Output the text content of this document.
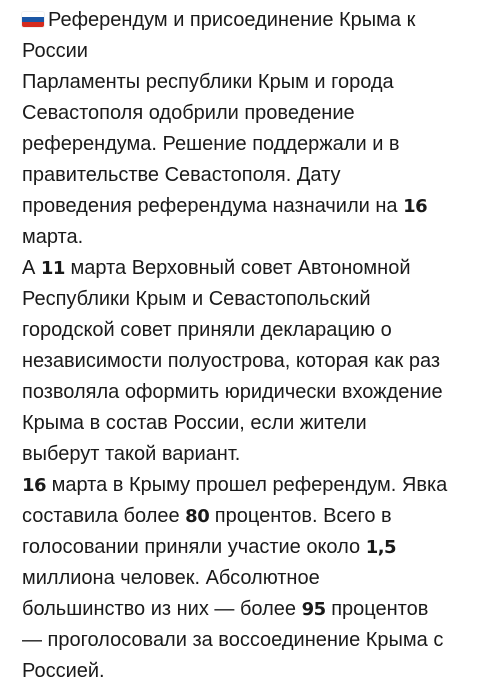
Референдум и присоединение Крыма к
России
Парламенты республики Крым и города
Севастополя одобрили проведение
референдума. Решение поддержали и в
правительстве Севастополя. Дату
проведения референдума назначили на 16
марта.
А 11 марта Верховный совет Автономной
Республики Крым и Севастопольский
городской совет приняли декларацию о
независимости полуострова, которая как раз
позволяла оформить юридически вхождение
Крыма в состав России, если жители
выберут такой вариант.
16 марта в Крыму прошел референдум. Явка
составила более 80 процентов. Всего в
голосовании приняли участие около 1,5
миллиона человек. Абсолютное
большинство из них — более 95 процентов
— проголосовали за воссоединение Крыма с
Россией.
